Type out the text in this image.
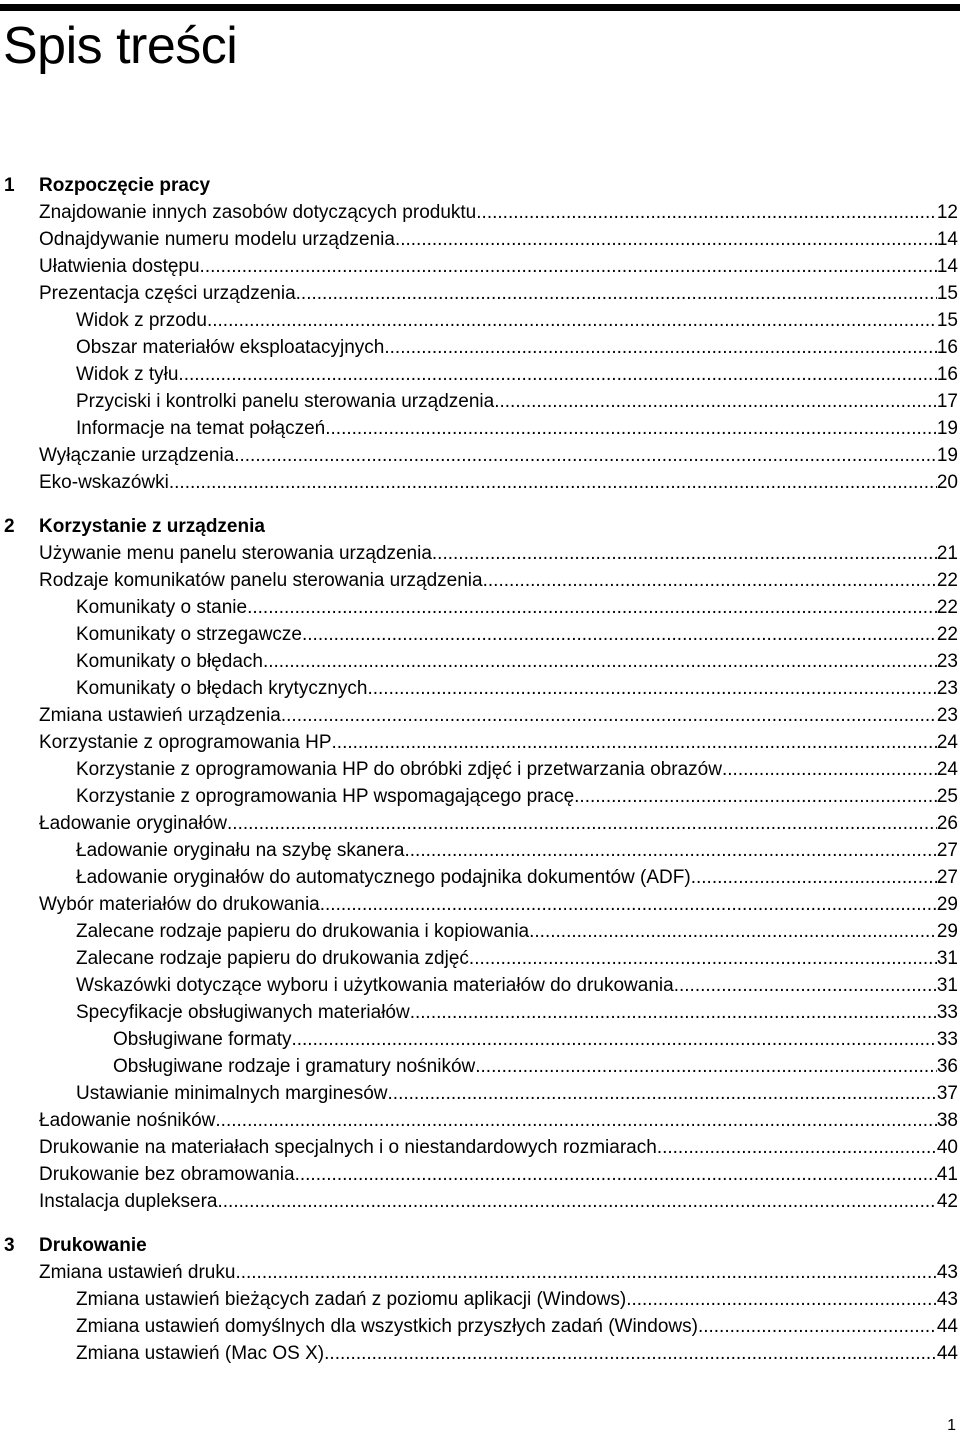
Spis treści
1 Rozpoczęcie pracy
Znajdowanie innych zasobów dotyczących produktu .....	12
Odnajdywanie numeru modelu urządzenia .....	14
Ułatwienia dostępu .....	14
Prezentacja części urządzenia .....	15
Widok z przodu .....	15
Obszar materiałów eksploatacyjnych .....	16
Widok z tyłu .....	16
Przyciski i kontrolki panelu sterowania urządzenia .....	17
Informacje na temat połączeń .....	19
Wyłączanie urządzenia .....	19
Eko-wskazówki .....	20
2 Korzystanie z urządzenia
Używanie menu panelu sterowania urządzenia .....	21
Rodzaje komunikatów panelu sterowania urządzenia .....	22
Komunikaty o stanie .....	22
Komunikaty o strzegawcze .....	22
Komunikaty o błędach .....	23
Komunikaty o błędach krytycznych .....	23
Zmiana ustawień urządzenia .....	23
Korzystanie z oprogramowania HP .....	24
Korzystanie z oprogramowania HP do obróbki zdjęć i przetwarzania obrazów .....	24
Korzystanie z oprogramowania HP wspomagającego pracę .....	25
Ładowanie oryginałów .....	26
Ładowanie oryginału na szybę skanera .....	27
Ładowanie oryginałów do automatycznego podajnika dokumentów (ADF) .....	27
Wybór materiałów do drukowania .....	29
Zalecane rodzaje papieru do drukowania i kopiowania .....	29
Zalecane rodzaje papieru do drukowania zdjęć .....	31
Wskazówki dotyczące wyboru i użytkowania materiałów do drukowania .....	31
Specyfikacje obsługiwanych materiałów .....	33
Obsługiwane formaty .....	33
Obsługiwane rodzaje i gramatury nośników .....	36
Ustawianie minimalnych marginesów .....	37
Ładowanie nośników .....	38
Drukowanie na materiałach specjalnych i o niestandardowych rozmiarach .....	40
Drukowanie bez obramowania .....	41
Instalacja dupleksera .....	42
3 Drukowanie
Zmiana ustawień druku .....	43
Zmiana ustawień bieżących zadań z poziomu aplikacji (Windows) .....	43
Zmiana ustawień domyślnych dla wszystkich przyszłych zadań (Windows) .....	44
Zmiana ustawień (Mac OS X) .....	44
1
